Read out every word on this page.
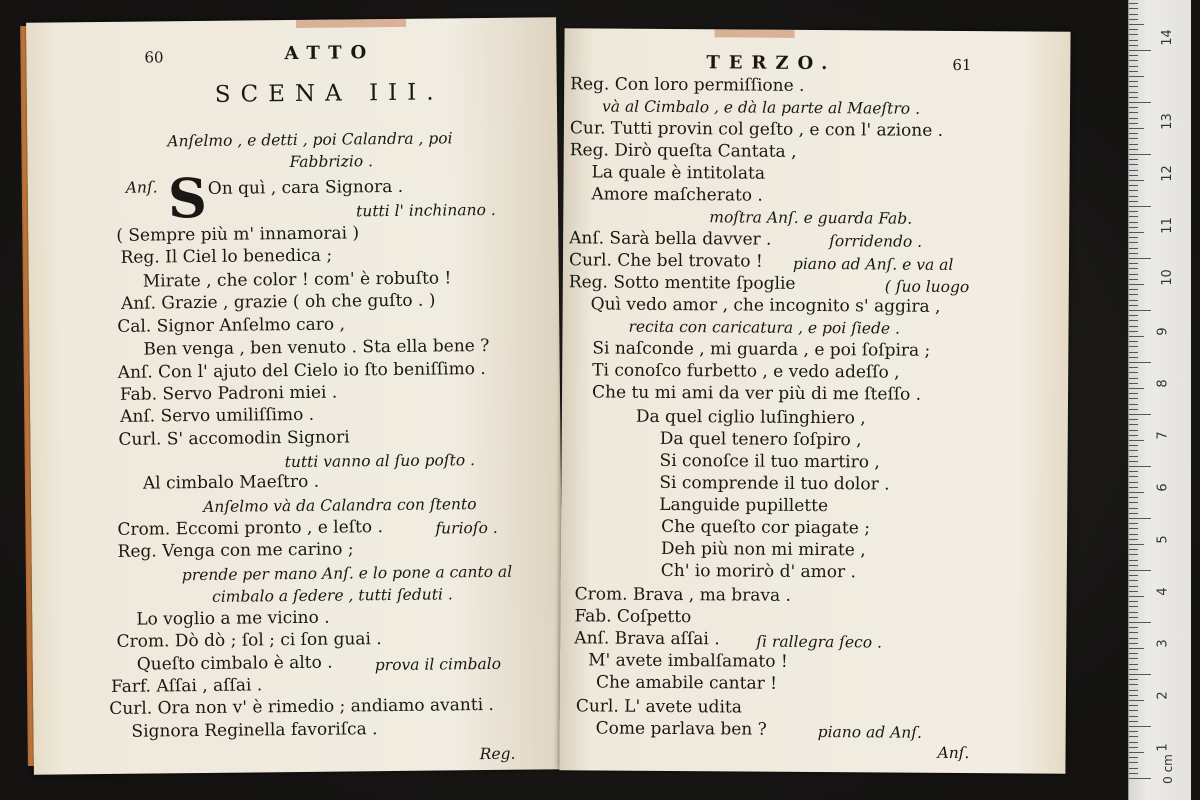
60	ATTO
SCENA III.
S
Anſelmo , e detti , poi Calandra , poi
Fabbrizio .
Anſ.	On quì , cara Signora .
tutti l' inchinano .
( Sempre più m' innamorai )
Reg. Il Ciel lo benedica ;
Mirate , che color ! com' è robuſto !
Anſ. Grazie , grazie ( oh che guſto . )
Cal. Signor Anſelmo caro ,
Ben venga , ben venuto . Sta ella bene ?
Anſ. Con l' ajuto del Cielo io ſto beniſſimo .
Fab. Servo Padroni miei .
Anſ. Servo umiliſſimo .
Curl. S' accomodin Signori
tutti vanno al ſuo poſto .
Al cimbalo Maeſtro .
Anſelmo và da Calandra con ſtento
Crom. Eccomi pronto , e leſto .	furioſo .
Reg. Venga con me carino ;
prende per mano Anſ. e lo pone a canto al
cimbalo a ſedere , tutti ſeduti .
Lo voglio a me vicino .
Crom. Dò dò ; ſol ; ci ſon guai .
Queſto cimbalo è alto .	prova il cimbalo
Farf. Aſſai , aſſai .
Curl. Ora non v' è rimedio ; andiamo avanti .
Signora Reginella favoriſca .
Reg.
TERZO.	61
Reg. Con loro permiſſione .
và al Cimbalo , e dà la parte al Maeſtro .
Cur. Tutti provin col geſto , e con l' azione .
Reg. Dirò queſta Cantata ,
La quale è intitolata
Amore maſcherato .
moſtra Anſ. e guarda Fab.
Anſ. Sarà bella davver .	ſorridendo .
Curl. Che bel trovato ! piano ad Anſ. e va al
Reg. Sotto mentite ſpoglie	( ſuo luogo
Quì vedo amor , che incognito s' aggira ,
recita con caricatura , e poi ſiede .
Si naſconde , mi guarda , e poi ſoſpira ;
Ti conoſco furbetto , e vedo adeſſo ,
Che tu mi ami da ver più di me ſteſſo .
Da quel ciglio luſinghiero ,
Da quel tenero ſoſpiro ,
Si conoſce il tuo martiro ,
Si comprende il tuo dolor .
Languide pupillette
Che queſto cor piagate ;
Deh più non mi mirate ,
Ch' io morirò d' amor .
Crom. Brava , ma brava .
Fab. Coſpetto
Anſ. Brava aſſai . ſi rallegra ſeco .
M' avete imbalſamato !
Che amabile cantar !
Curl. L' avete udita
Come parlava ben ?	piano ad Anſ.
Anſ.
0 cm
1
2
3
4
5
6
7
8
9
10
11
12
13
14
